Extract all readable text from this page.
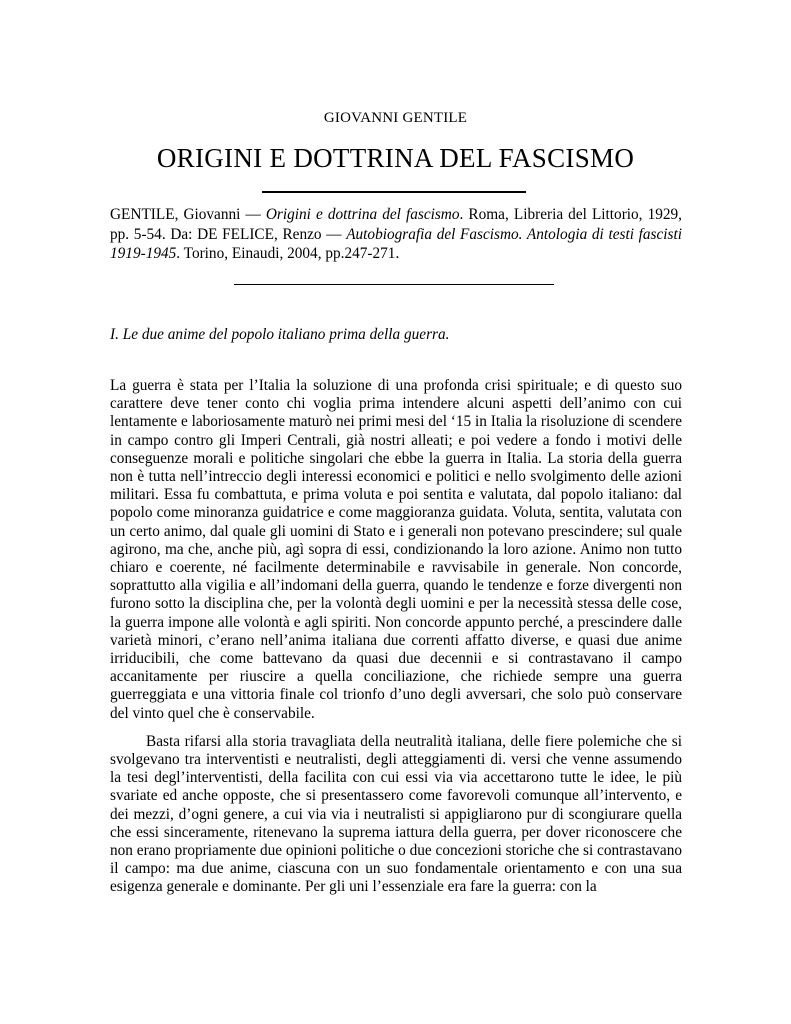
GIOVANNI GENTILE
ORIGINI E DOTTRINA DEL FASCISMO
GENTILE, Giovanni — Origini e dottrina del fascismo. Roma, Libreria del Littorio, 1929, pp. 5-54. Da: DE FELICE, Renzo — Autobiografia del Fascismo. Antologia di testi fascisti 1919-1945. Torino, Einaudi, 2004, pp.247-271.
I. Le due anime del popolo italiano prima della guerra.

La guerra è stata per l’Italia la soluzione di una profonda crisi spirituale; e di questo suo carattere deve tener conto chi voglia prima intendere alcuni aspetti dell’animo con cui lentamente e laboriosamente maturò nei primi mesi del ‘15 in Italia la risoluzione di scendere in campo contro gli Imperi Centrali, già nostri alleati; e poi vedere a fondo i motivi delle conseguenze morali e politiche singolari che ebbe la guerra in Italia. La storia della guerra non è tutta nell’intreccio degli interessi economici e politici e nello svolgimento delle azioni militari. Essa fu combattuta, e prima voluta e poi sentita e valutata, dal popolo italiano: dal popolo come minoranza guidatrice e come maggioranza guidata. Voluta, sentita, valutata con un certo animo, dal quale gli uomini di Stato e i generali non potevano prescindere; sul quale agirono, ma che, anche più, agì sopra di essi, condizionando la loro azione. Animo non tutto chiaro e coerente, né facilmente determinabile e ravvisabile in generale. Non concorde, soprattutto alla vigilia e all’indomani della guerra, quando le tendenze e forze divergenti non furono sotto la disciplina che, per la volontà degli uomini e per la necessità stessa delle cose, la guerra impone alle volontà e agli spiriti. Non concorde appunto perché, a prescindere dalle varietà minori, c’erano nell’anima italiana due correnti affatto diverse, e quasi due anime irriducibili, che come battevano da quasi due decennii e si contrastavano il campo accanitamente per riuscire a quella conciliazione, che richiede sempre una guerra guerreggiata e una vittoria finale col trionfo d’uno degli avversari, che solo può conservare del vinto quel che è conservabile.

Basta rifarsi alla storia travagliata della neutralità italiana, delle fiere polemiche che si svolgevano tra interventisti e neutralisti, degli atteggiamenti di. versi che venne assumendo la tesi degl’interventisti, della facilita con cui essi via via accettarono tutte le idee, le più svariate ed anche opposte, che si presentassero come favorevoli comunque all’intervento, e dei mezzi, d’ogni genere, a cui via via i neutralisti si appigliarono pur di scongiurare quella che essi sinceramente, ritenevano la suprema iattura della guerra, per dover riconoscere che non erano propriamente due opinioni politiche o due concezioni storiche che si contrastavano il campo: ma due anime, ciascuna con un suo fondamentale orientamento e con una sua esigenza generale e dominante. Per gli uni l’essenziale era fare la guerra: con la
